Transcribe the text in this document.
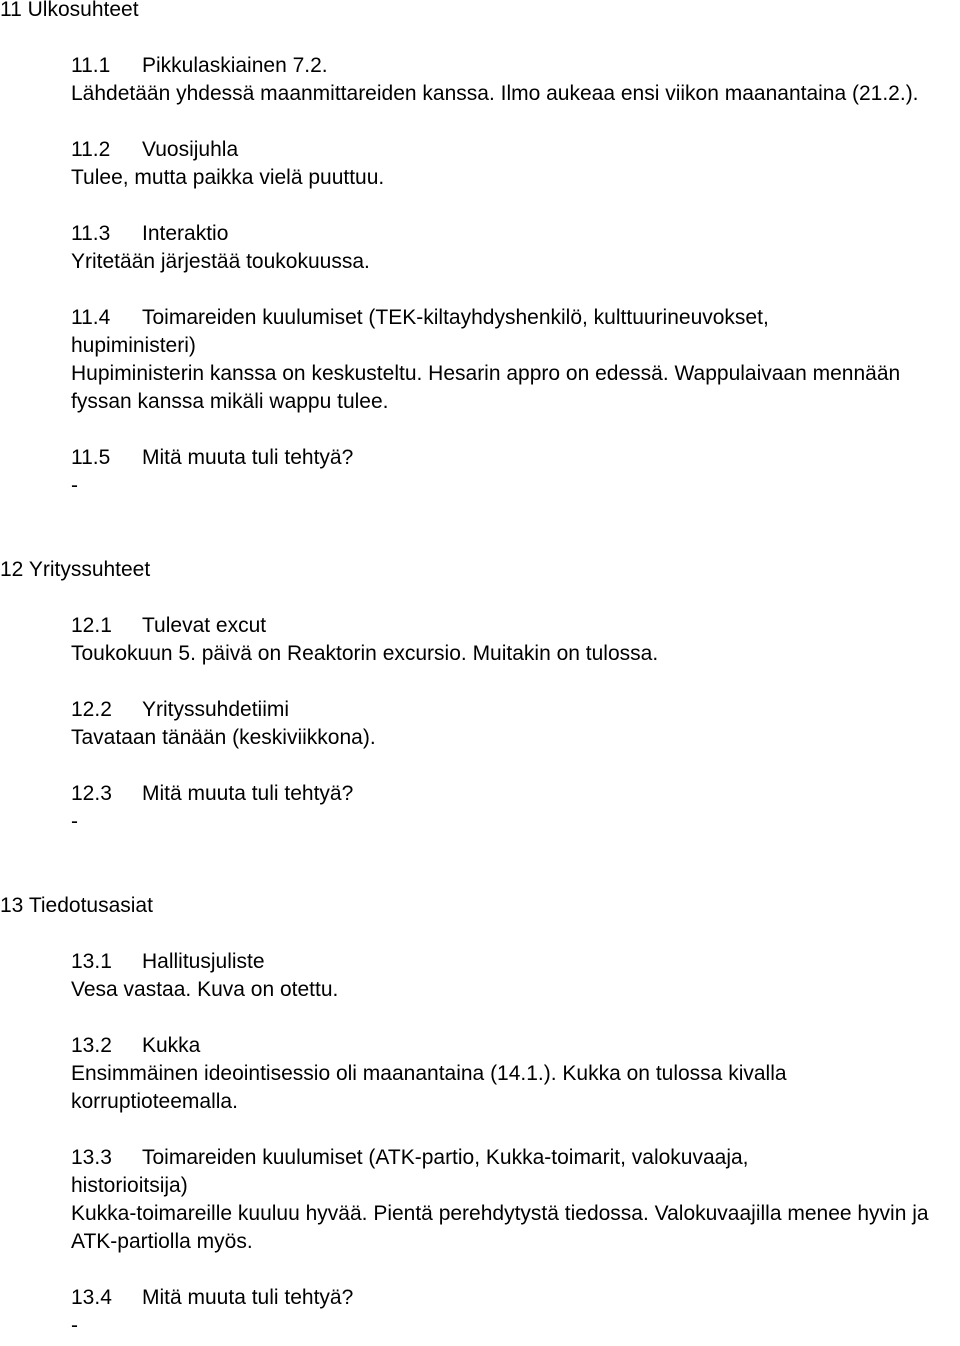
11 Ulkosuhteet
11.1 Pikkulaskiainen 7.2.
Lähdetään yhdessä maanmittareiden kanssa. Ilmo aukeaa ensi viikon maanantaina (21.2.).
11.2 Vuosijuhla
Tulee, mutta paikka vielä puuttuu.
11.3 Interaktio
Yritetään järjestää toukokuussa.
11.4 Toimareiden kuulumiset (TEK-kiltayhdyshenkilö, kulttuurineuvokset,
hupiministeri)
Hupiministerin kanssa on keskusteltu. Hesarin appro on edessä. Wappulaivaan mennään fyssan kanssa mikäli wappu tulee.
11.5 Mitä muuta tuli tehtyä?
-
12 Yrityssuhteet
12.1 Tulevat excut
Toukokuun 5. päivä on Reaktorin excursio. Muitakin on tulossa.
12.2 Yrityssuhdetiimi
Tavataan tänään (keskiviikkona).
12.3 Mitä muuta tuli tehtyä?
-
13 Tiedotusasiat
13.1 Hallitusjuliste
Vesa vastaa. Kuva on otettu.
13.2 Kukka
Ensimmäinen ideointisessio oli maanantaina (14.1.). Kukka on tulossa kivalla korruptioteemalla.
13.3 Toimareiden kuulumiset (ATK-partio, Kukka-toimarit, valokuvaaja,
historioitsija)
Kukka-toimareille kuuluu hyvää. Pientä perehdytystä tiedossa. Valokuvaajilla menee hyvin ja ATK-partiolla myös.
13.4 Mitä muuta tuli tehtyä?
-
